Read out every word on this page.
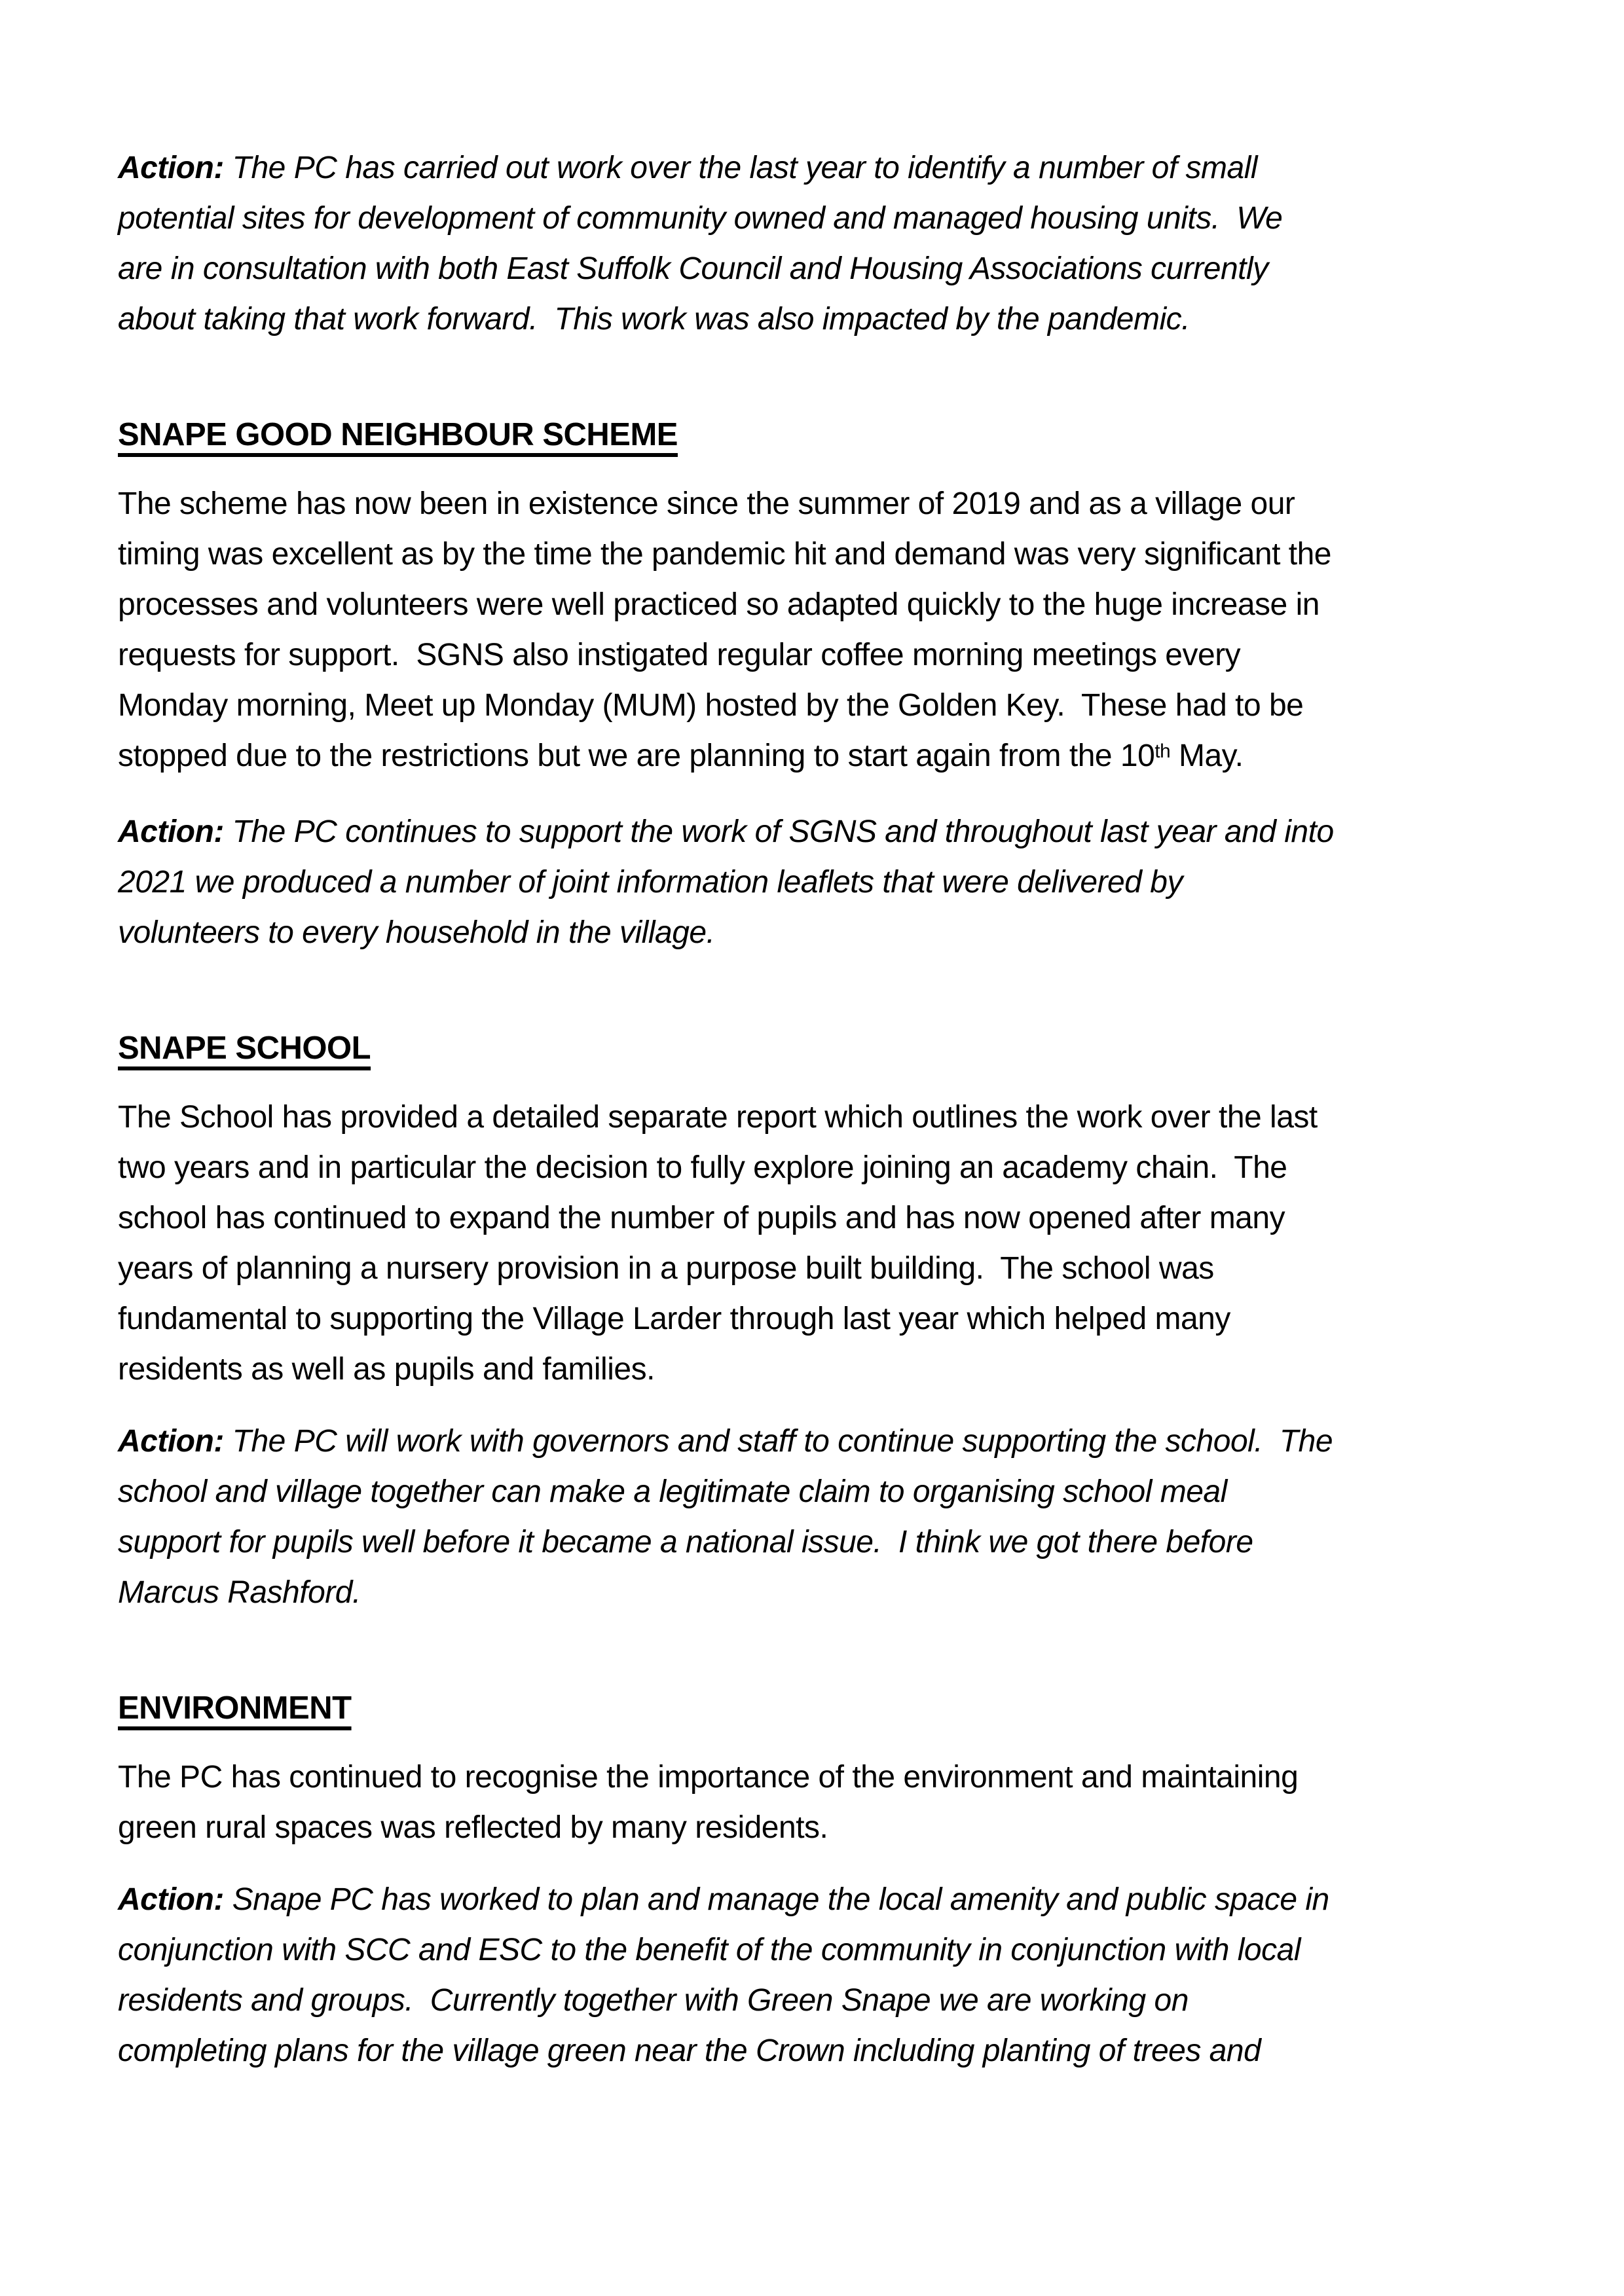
Action: The PC has carried out work over the last year to identify a number of small
potential sites for development of community owned and managed housing units.  We
are in consultation with both East Suffolk Council and Housing Associations currently
about taking that work forward.  This work was also impacted by the pandemic.
SNAPE GOOD NEIGHBOUR SCHEME
The scheme has now been in existence since the summer of 2019 and as a village our
timing was excellent as by the time the pandemic hit and demand was very significant the
processes and volunteers were well practiced so adapted quickly to the huge increase in
requests for support.  SGNS also instigated regular coffee morning meetings every
Monday morning, Meet up Monday (MUM) hosted by the Golden Key.  These had to be
stopped due to the restrictions but we are planning to start again from the 10th May.
Action: The PC continues to support the work of SGNS and throughout last year and into
2021 we produced a number of joint information leaflets that were delivered by
volunteers to every household in the village.
SNAPE SCHOOL
The School has provided a detailed separate report which outlines the work over the last
two years and in particular the decision to fully explore joining an academy chain.  The
school has continued to expand the number of pupils and has now opened after many
years of planning a nursery provision in a purpose built building.  The school was
fundamental to supporting the Village Larder through last year which helped many
residents as well as pupils and families.
Action: The PC will work with governors and staff to continue supporting the school.  The
school and village together can make a legitimate claim to organising school meal
support for pupils well before it became a national issue.  I think we got there before
Marcus Rashford.
ENVIRONMENT
The PC has continued to recognise the importance of the environment and maintaining
green rural spaces was reflected by many residents.
Action: Snape PC has worked to plan and manage the local amenity and public space in
conjunction with SCC and ESC to the benefit of the community in conjunction with local
residents and groups.  Currently together with Green Snape we are working on
completing plans for the village green near the Crown including planting of trees and
